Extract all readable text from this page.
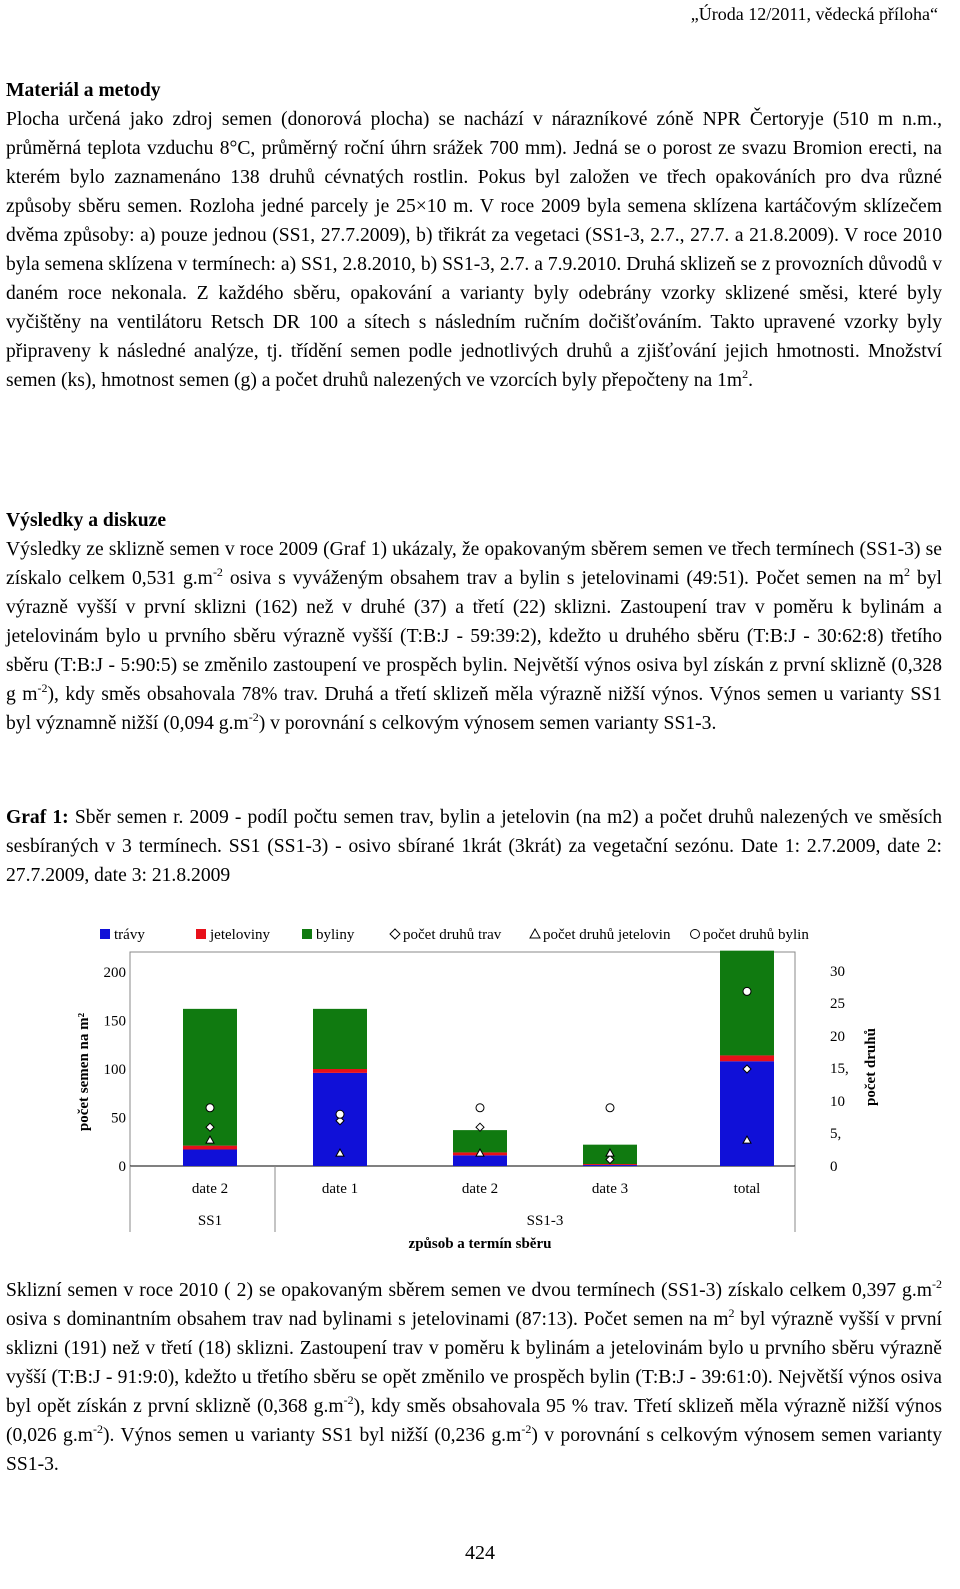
„Úroda 12/2011, vědecká příloha“

Materiál a metody

Plocha určená jako zdroj semen (donorová plocha) se nachází v nárazníkové zóně NPR Čertoryje (510 m n.m., průměrná teplota vzduchu 8°C, průměrný roční úhrn srážek 700 mm). Jedná se o porost ze svazu Bromion erecti, na kterém bylo zaznamenáno 138 druhů cévnatých rostlin. Pokus byl založen ve třech opakováních pro dva různé způsoby sběru semen. Rozloha jedné parcely je 25×10 m. V roce 2009 byla semena sklízena kartáčovým sklízečem dvěma způsoby: a) pouze jednou (SS1, 27.7.2009), b) třikrát za vegetaci (SS1-3, 2.7., 27.7. a 21.8.2009). V roce 2010 byla semena sklízena v termínech: a) SS1, 2.8.2010, b) SS1-3, 2.7. a 7.9.2010. Druhá sklizeň se z provozních důvodů v daném roce nekonala. Z každého sběru, opakování a varianty byly odebrány vzorky sklizené směsi, které byly vyčištěny na ventilátoru Retsch DR 100 a sítech s následním ručním dočišťováním. Takto upravené vzorky byly připraveny k následné analýze, tj. třídění semen podle jednotlivých druhů a zjišťování jejich hmotnosti. Množství semen (ks), hmotnost semen (g) a počet druhů nalezených ve vzorcích byly přepočteny na $1m^2$.

Výsledky a diskuze

Výsledky ze sklizně semen v roce 2009 (Graf 1) ukázaly, že opakovaným sběrem semen ve třech termínech (SS1-3) se získalo celkem 0,531 $g.m^{-2}$ osiva s vyváženým obsahem trav a bylin s jetelovinami (49:51). Počet semen na $m^2$ byl výrazně vyšší v první sklizni (162) než v druhé (37) a třetí (22) sklizni. Zastoupení trav v poměru k bylinám a jetelovinám bylo u prvního sběru výrazně vyšší (T:B:J - 59:39:2), kdežto u druhého sběru (T:B:J - 30:62:8) třetího sběru (T:B:J - 5:90:5) se změnilo zastoupení ve prospěch bylin. Největší výnos osiva byl získán z první sklizně (0,328 g $m^{-2}$), kdy směs obsahovala 78% trav. Druhá a třetí sklizeň měla výrazně nižší výnos. Výnos semen u varianty SS1 byl významně nižší (0,094 $g.m^{-2}$) v porovnání s celkovým výnosem semen varianty SS1-3.

Graf 1: Sběr semen r. 2009 - podíl počtu semen trav, bylin a jetelovin (na m2) a počet druhů nalezených ve směsích sesbíraných v 3 termínech. SS1 (SS1-3) - osivo sbírané 1krát (3krát) za vegetační sezónu. Date 1: 2.7.2009, date 2: 27.7.2009, date 3: 21.8.2009

trávy	jeteloviny	byliny	počet druhů trav	počet druhů jetelovin počet druhů bylin
0
50
100
150
200
0
5,
10
15,
20
25
30
počet semen na m²	počet druhů
způsob a termín sběru
date 2	date 1	date 2	date 3	total
SS1	SS1-3

Sklizní semen v roce 2010 ( 2) se opakovaným sběrem semen ve dvou termínech (SS1-3) získalo celkem 0,397 $g.m^{-2}$ osiva s dominantním obsahem trav nad bylinami s jetelovinami (87:13). Počet semen na $m^2$ byl výrazně vyšší v první sklizni (191) než v třetí (18) sklizni. Zastoupení trav v poměru k bylinám a jetelovinám bylo u prvního sběru výrazně vyšší (T:B:J - 91:9:0), kdežto u třetího sběru se opět změnilo ve prospěch bylin (T:B:J - 39:61:0). Největší výnos osiva byl opět získán z první sklizně (0,368 $g.m^{-2}$), kdy směs obsahovala 95 % trav. Třetí sklizeň měla výrazně nižší výnos (0,026 $g.m^{-2}$). Výnos semen u varianty SS1 byl nižší (0,236 $g.m^{-2}$) v porovnání s celkovým výnosem semen varianty SS1-3.

424
